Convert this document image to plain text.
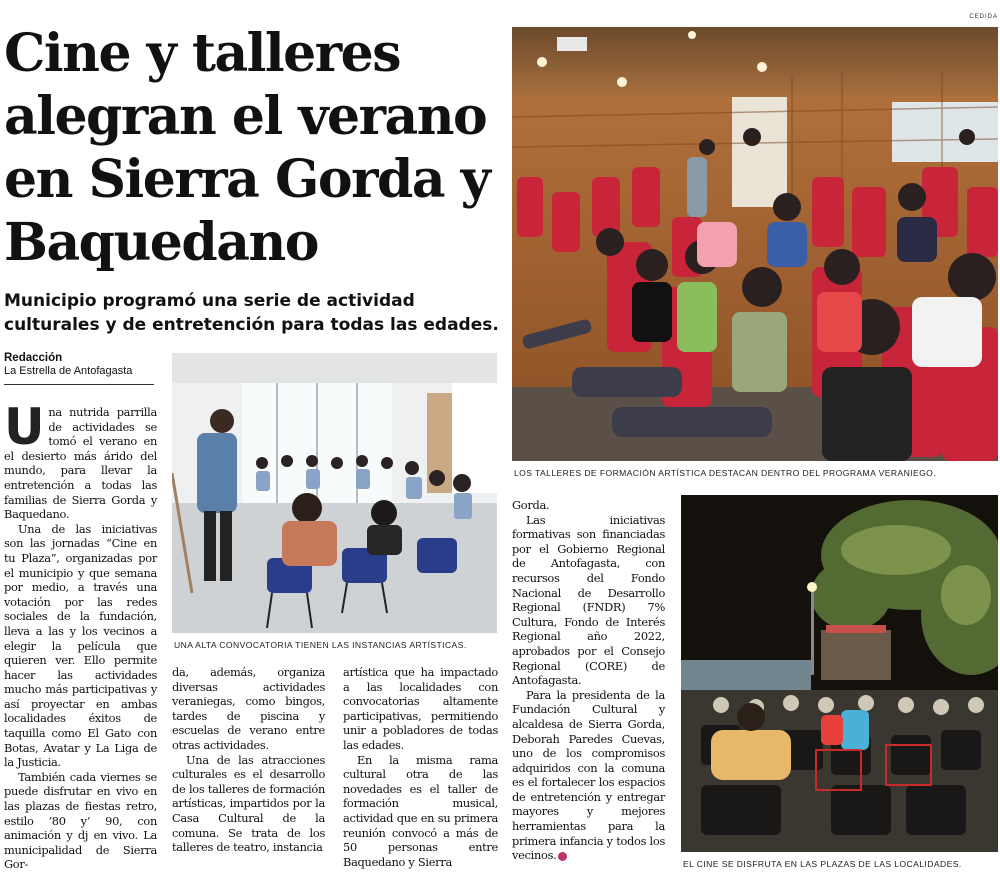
CEDIDA
Cine y talleres alegran el verano en Sierra Gorda y Baquedano
Municipio programó una serie de actividad culturales y de entretención para todas las edades.
Redacción
La Estrella de Antofagasta
LOS TALLERES DE FORMACIÓN ARTÍSTICA DESTACAN DENTRO DEL PROGRAMA VERANIEGO.
UNA ALTA CONVOCATORIA TIENEN LAS INSTANCIAS ARTÍSTICAS.
EL CINE SE DISFRUTA EN LAS PLAZAS DE LAS LOCALIDADES.

Una nutrida parrilla de actividades se tomó el verano en el desierto más árido del mundo, para llevar la entretención a todas las familias de Sierra Gorda y Baquedano.

Una de las iniciativas son las jornadas “Cine en tu Plaza”, organizadas por el municipio y que semana por medio, a través una votación por las redes sociales de la fundación, lleva a las y los vecinos a elegir la película que quieren ver. Ello permite hacer las actividades mucho más participativas y así proyectar en ambas localidades éxitos de taquilla como El Gato con Botas, Avatar y La Liga de la Justicia.

También cada viernes se puede disfrutar en vivo en las plazas de fiestas retro, estilo ‘80 y’ 90, con animación y dj en vivo. La municipalidad de Sierra Gor-

da, además, organiza diversas actividades veraniegas, como bingos, tardes de piscina y escuelas de verano entre otras actividades.

Una de las atracciones culturales es el desarrollo de los talleres de formación artísticas, impartidos por la Casa Cultural de la comuna. Se trata de los talleres de teatro, instancia

artística que ha impactado a las localidades con convocatorias altamente participativas, permitiendo unir a pobladores de todas las edades.

En la misma rama cultural otra de las novedades es el taller de formación musical, actividad que en su primera reunión convocó a más de 50 personas entre Baquedano y Sierra

Gorda.

Las iniciativas formativas son financiadas por el Gobierno Regional de Antofagasta, con recursos del Fondo Nacional de Desarrollo Regional (FNDR) 7% Cultura, Fondo de Interés Regional año 2022, aprobados por el Consejo Regional (CORE) de Antofagasta.

Para la presidenta de la Fundación Cultural y alcaldesa de Sierra Gorda, Deborah Paredes Cuevas, uno de los compromisos adquiridos con la comuna es el fortalecer los espacios de entretención y entregar mayores y mejores herramientas para la primera infancia y todos los vecinos.
